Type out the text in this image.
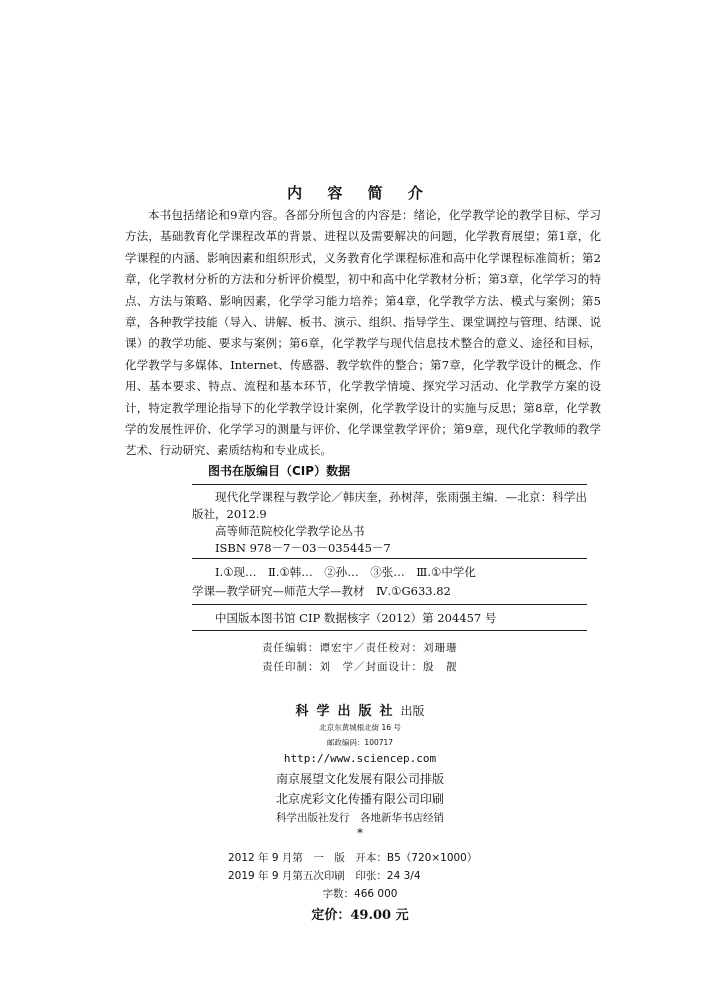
内 容 简 介
本书包括绪论和9章内容。各部分所包含的内容是：绪论，化学教学论的教学目标、学习方法，基础教育化学课程改革的背景、进程以及需要解决的问题，化学教育展望；第1章，化学课程的内涵、影响因素和组织形式，义务教育化学课程标准和高中化学课程标准简析；第2章，化学教材分析的方法和分析评价模型，初中和高中化学教材分析；第3章，化学学习的特点、方法与策略、影响因素，化学学习能力培养；第4章，化学教学方法、模式与案例；第5章，各种教学技能（导入、讲解、板书、演示、组织、指导学生、课堂调控与管理、结课、说课）的教学功能、要求与案例；第6章，化学教学与现代信息技术整合的意义、途径和目标，化学教学与多媒体、Internet、传感器、教学软件的整合；第7章，化学教学设计的概念、作用、基本要求、特点、流程和基本环节，化学教学情境、探究学习活动、化学教学方案的设计，特定教学理论指导下的化学教学设计案例，化学教学设计的实施与反思；第8章，化学教学的发展性评价、化学学习的测量与评价、化学课堂教学评价；第9章，现代化学教师的教学艺术、行动研究、素质结构和专业成长。
图书在版编目（CIP）数据
现代化学课程与教学论／韩庆奎，孙树萍，张雨强主编．—北京：科学出版社，2012.9
高等师范院校化学教学论丛书
ISBN 978－7－03－035445－7
Ⅰ.①现…　Ⅱ.①韩…　②孙…　③张…　Ⅲ.①中学化
学课—教学研究—师范大学—教材　Ⅳ.①G633.82
中国版本图书馆 CIP 数据核字（2012）第 204457 号
责任编辑：谭宏宇／责任校对：刘珊珊
责任印制：刘　学／封面设计：殷　靓
科学出版社出版
北京东黄城根北街 16 号
邮政编码：100717
http://www.sciencep.com
南京展望文化发展有限公司排版
北京虎彩文化传播有限公司印刷
科学出版社发行　各地新华书店经销
*
2012 年 9 月第　一　版　开本：B5（720×1000）
2019 年 9 月第五次印刷　印张：24 3/4
字数：466 000
定价：49.00 元
